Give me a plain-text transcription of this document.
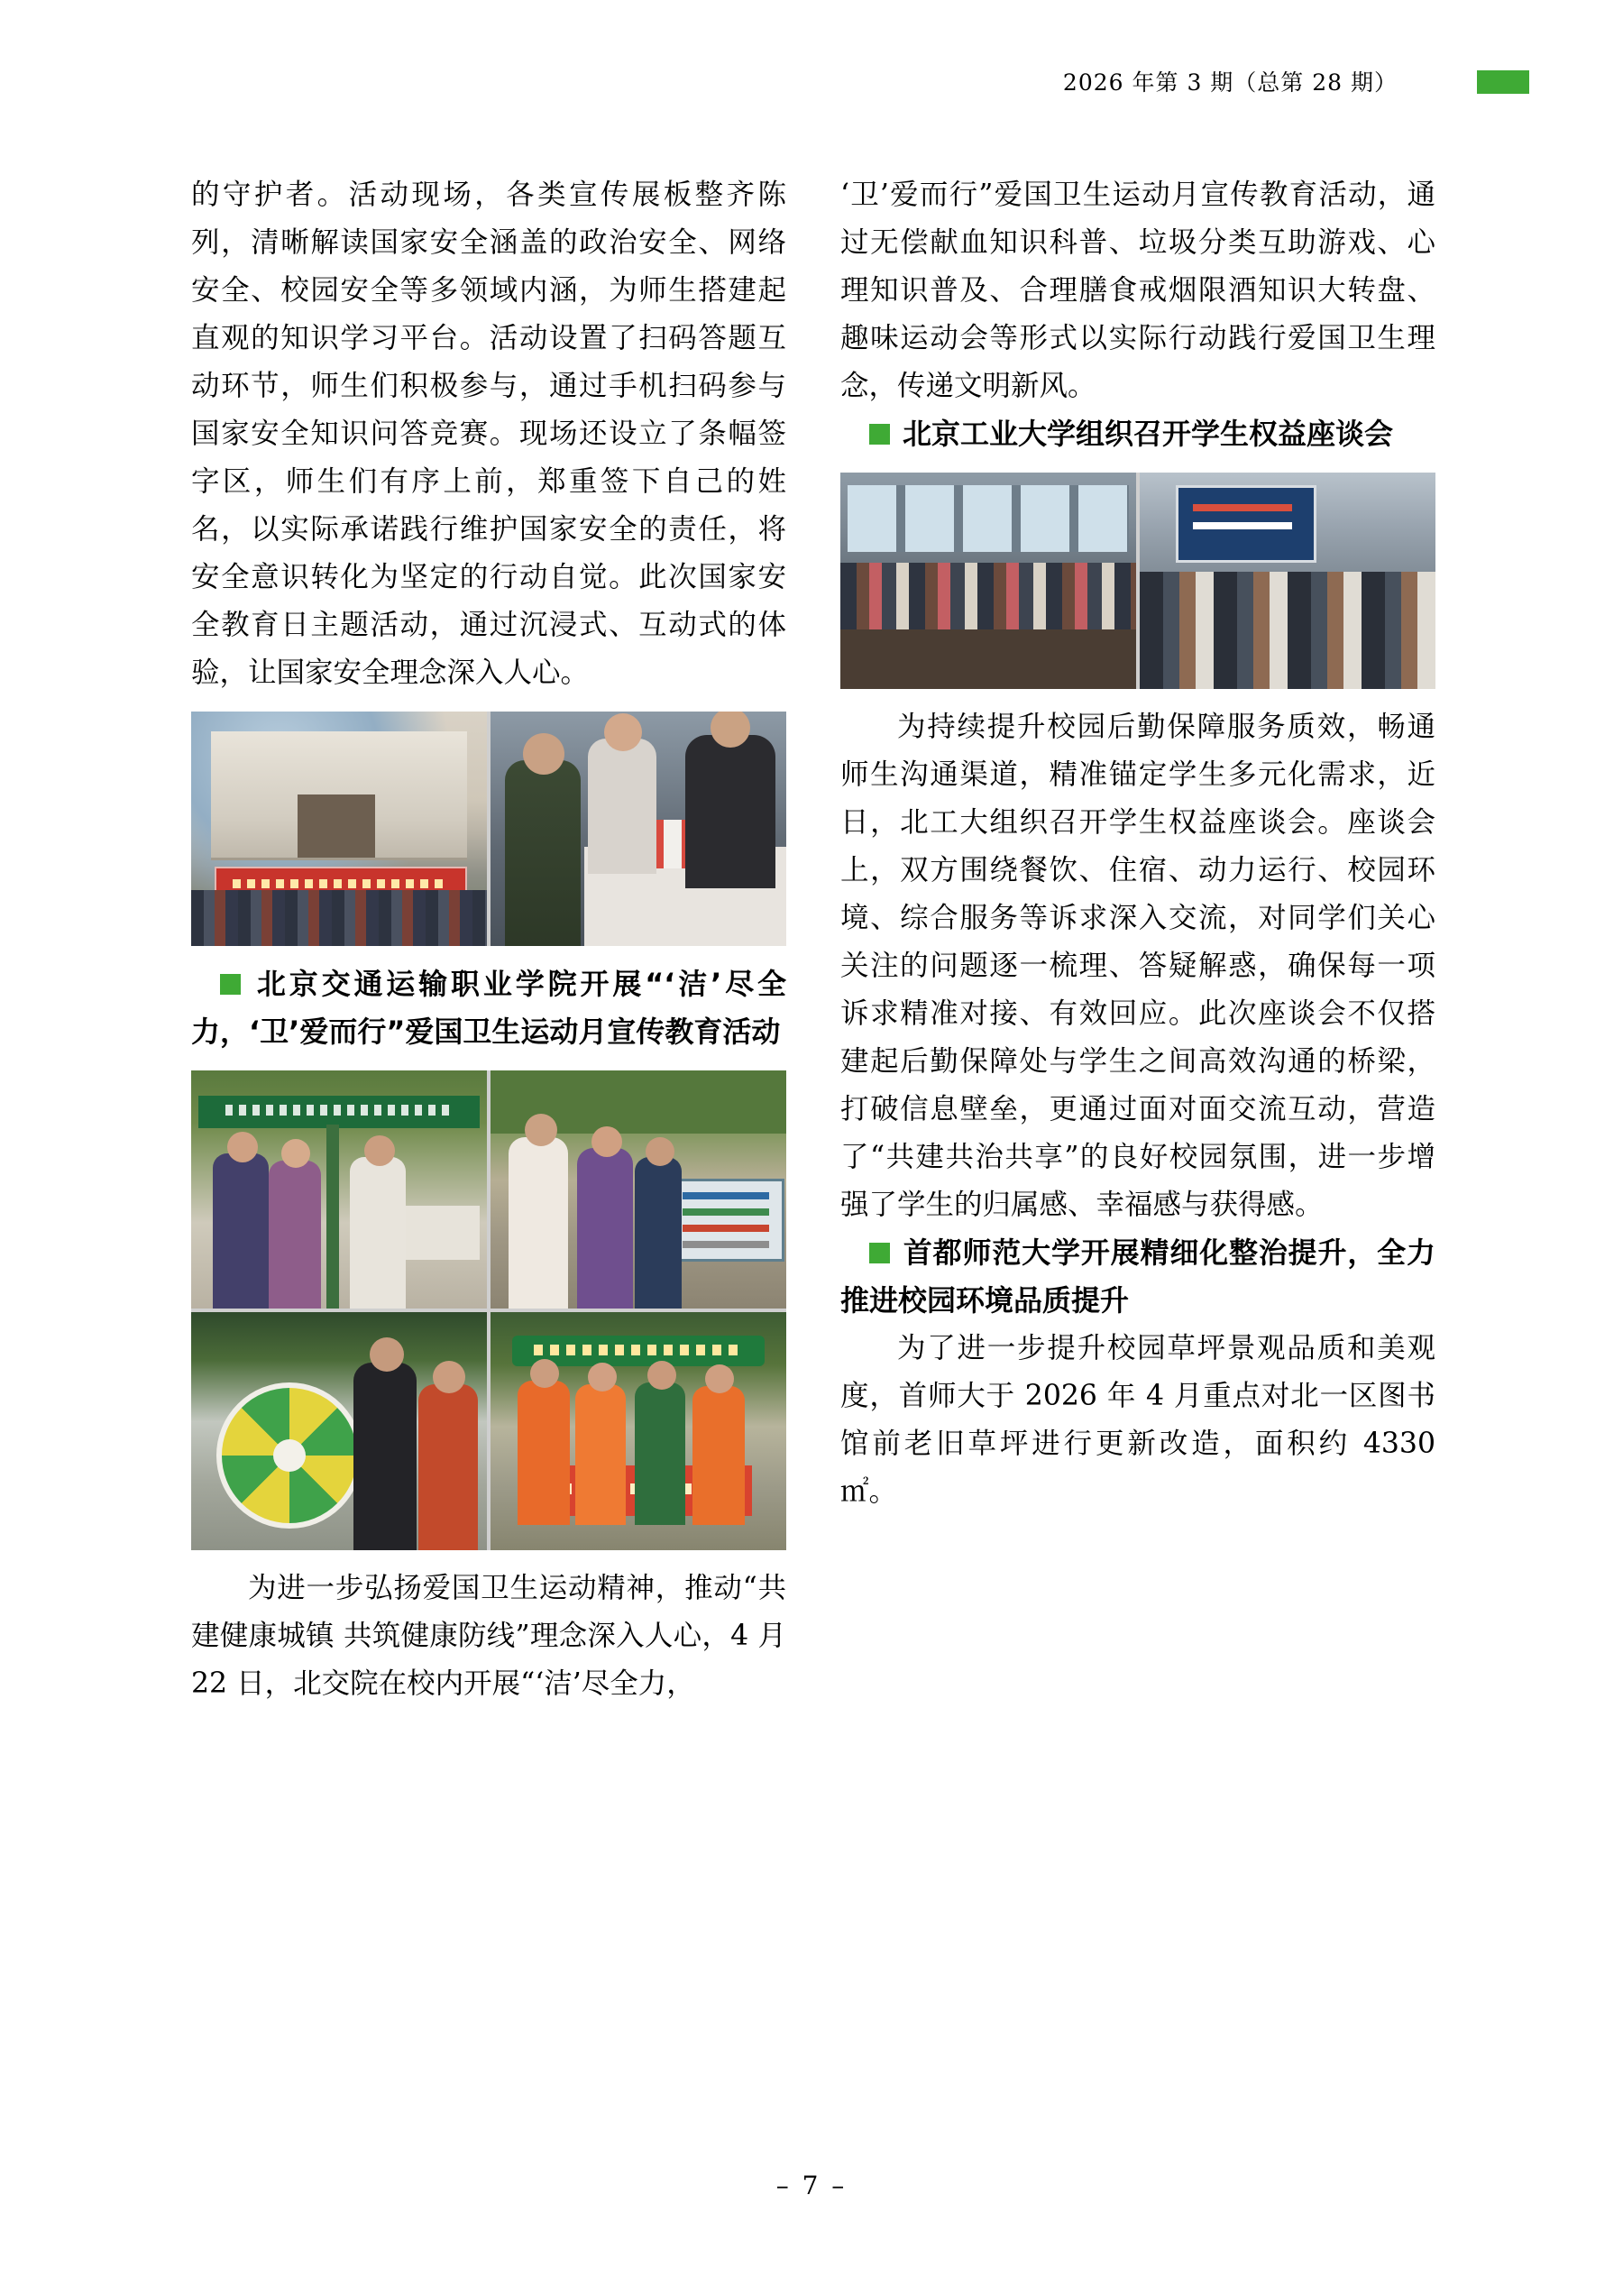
2026 年第 3 期（总第 28 期）

的守护者。活动现场，各类宣传展板整齐陈列，清晰解读国家安全涵盖的政治安全、网络安全、校园安全等多领域内涵，为师生搭建起直观的知识学习平台。活动设置了扫码答题互动环节，师生们积极参与，通过手机扫码参与国家安全知识问答竞赛。现场还设立了条幅签字区，师生们有序上前，郑重签下自己的姓名，以实际承诺践行维护国家安全的责任，将安全意识转化为坚定的行动自觉。此次国家安全教育日主题活动，通过沉浸式、互动式的体验，让国家安全理念深入人心。

北京交通运输职业学院开展“‘洁’尽全力，‘卫’爱而行”爱国卫生运动月宣传教育活动

为进一步弘扬爱国卫生运动精神，推动“共建健康城镇 共筑健康防线”理念深入人心，4 月 22 日，北交院在校内开展“‘洁’尽全力，

‘卫’爱而行”爱国卫生运动月宣传教育活动，通过无偿献血知识科普、垃圾分类互助游戏、心理知识普及、合理膳食戒烟限酒知识大转盘、趣味运动会等形式以实际行动践行爱国卫生理念，传递文明新风。

北京工业大学组织召开学生权益座谈会

为持续提升校园后勤保障服务质效，畅通师生沟通渠道，精准锚定学生多元化需求，近日，北工大组织召开学生权益座谈会。座谈会上，双方围绕餐饮、住宿、动力运行、校园环境、综合服务等诉求深入交流，对同学们关心关注的问题逐一梳理、答疑解惑，确保每一项诉求精准对接、有效回应。此次座谈会不仅搭建起后勤保障处与学生之间高效沟通的桥梁，打破信息壁垒，更通过面对面交流互动，营造了“共建共治共享”的良好校园氛围，进一步增强了学生的归属感、幸福感与获得感。

首都师范大学开展精细化整治提升，全力推进校园环境品质提升

为了进一步提升校园草坪景观品质和美观度，首师大于 2026 年 4 月重点对北一区图书馆前老旧草坪进行更新改造，面积约 4330 ㎡。

– 7 –
